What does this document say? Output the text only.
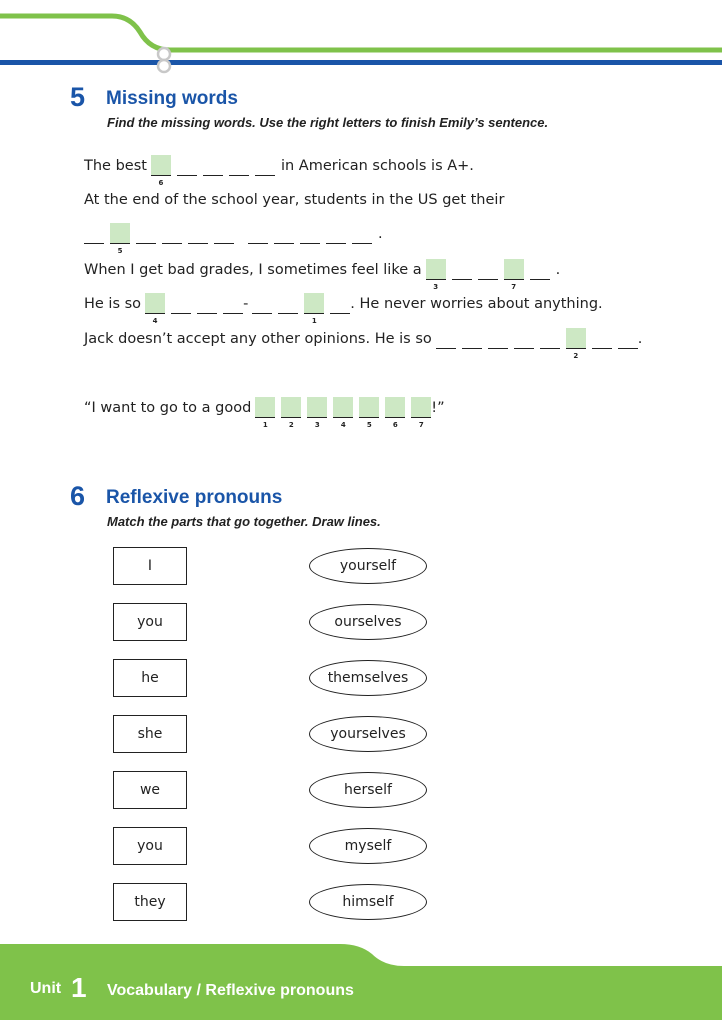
5 Missing words
Find the missing words. Use the right letters to finish Emily’s sentence.
The best
6
in American schools is A+.
At the end of the school year, students in the US get their
5
.
When I get bad grades, I sometimes feel like a
3	7
.
He is so
4
-
1
. He never worries about anything.
Jack doesn’t accept any other opinions. He is so
2
.
“I want to go to a good
1	2	3	4	5	6	7
!”
6 Reflexive pronouns
Match the parts that go together. Draw lines.
I
you
he
she
we
you
they
yourself
ourselves
themselves
yourselves
herself
myself
himself
Unit 1 Vocabulary / Reflexive pronouns
